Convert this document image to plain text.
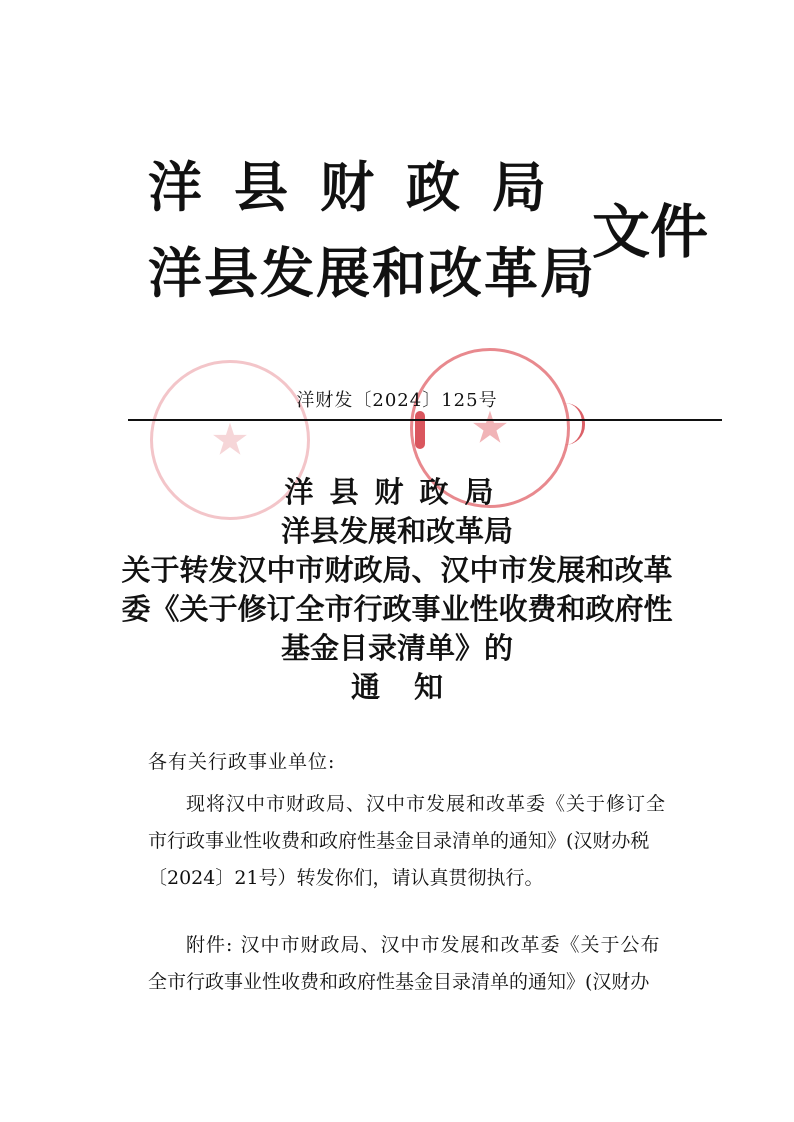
洋县财政局
洋县发展和改革局
文件
★	★
洋财发〔2024〕125号
洋县财政局
洋县发展和改革局
关于转发汉中市财政局、汉中市发展和改革
委《关于修订全市行政事业性收费和政府性
基金目录清单》的
通知
各有关行政事业单位:
现将汉中市财政局、汉中市发展和改革委《关于修订全
市行政事业性收费和政府性基金目录清单的通知》(汉财办税
〔2024〕21号）转发你们，请认真贯彻执行。
附件: 汉中市财政局、汉中市发展和改革委《关于公布
全市行政事业性收费和政府性基金目录清单的通知》(汉财办
